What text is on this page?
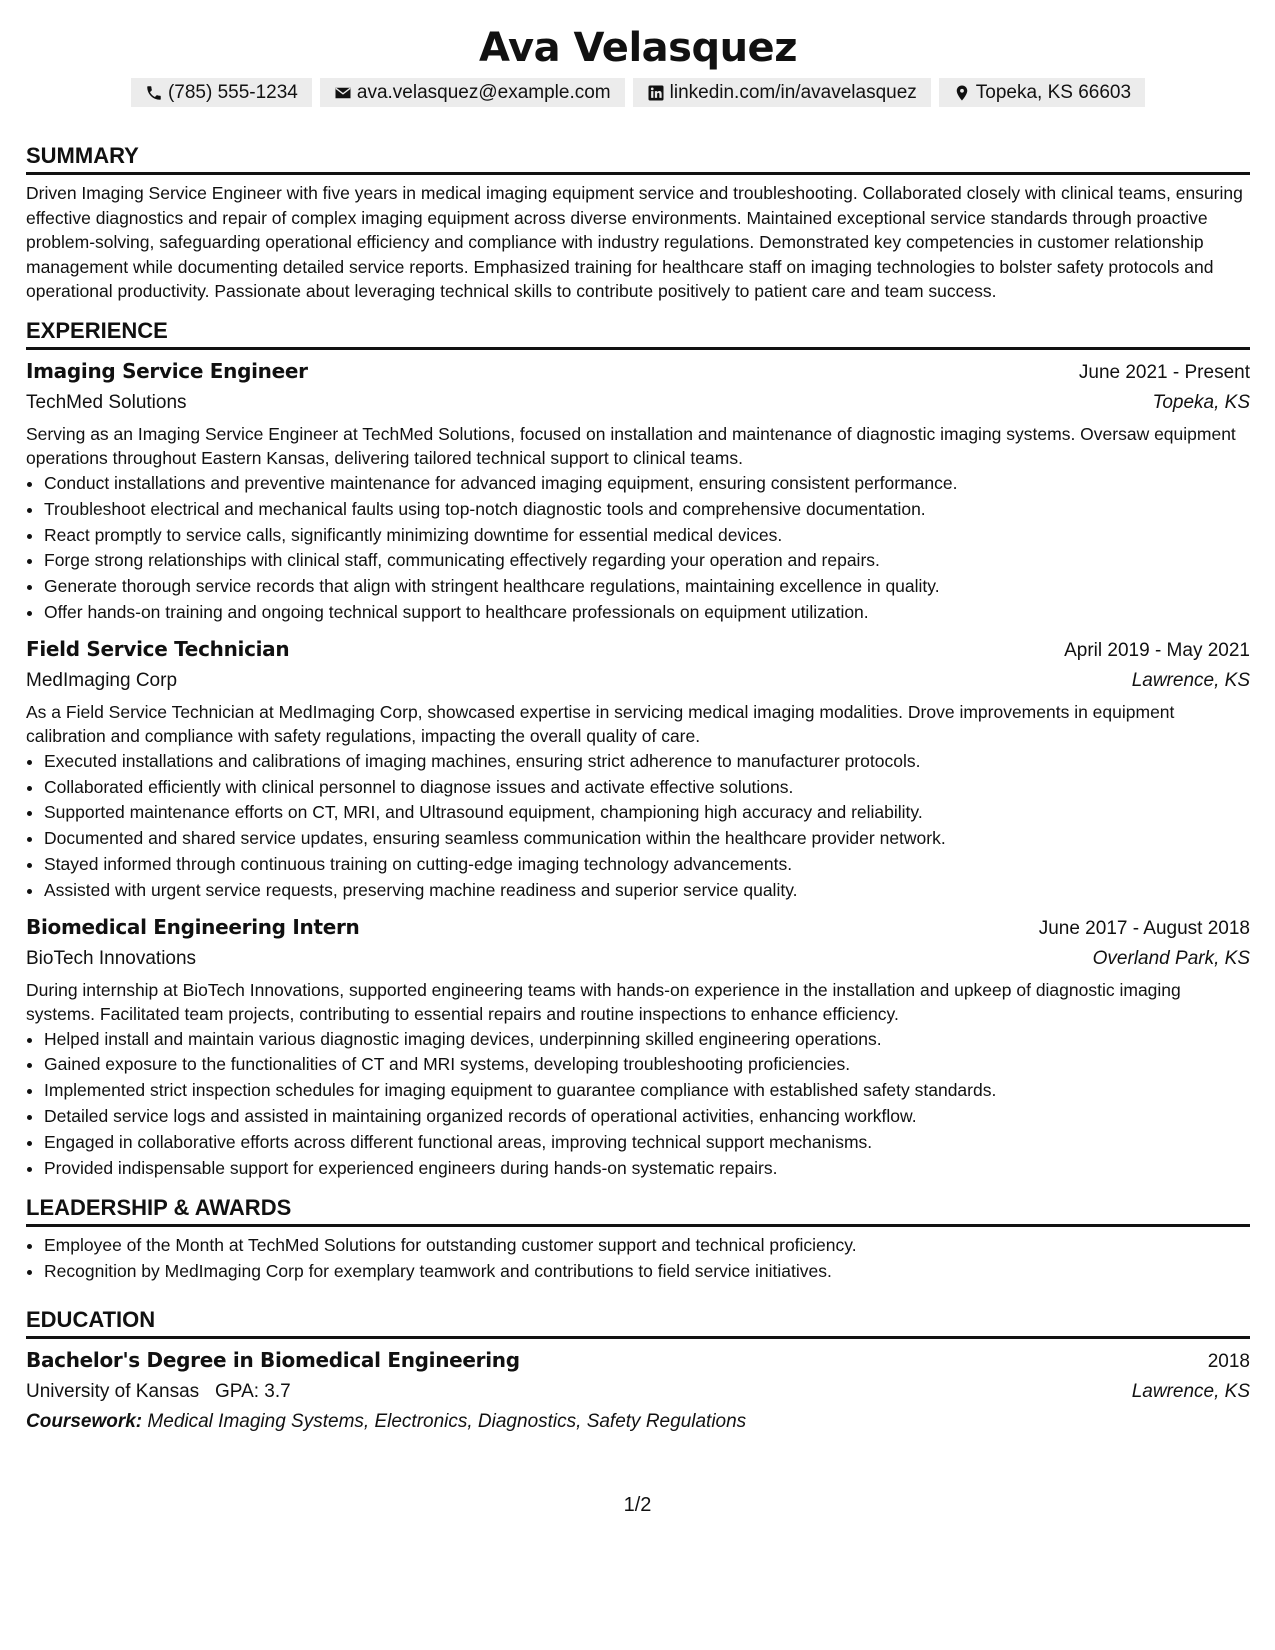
Ava Velasquez
(785) 555-1234	ava.velasquez@example.com	linkedin.com/in/avavelasquez	Topeka, KS 66603
SUMMARY
Driven Imaging Service Engineer with five years in medical imaging equipment service and troubleshooting. Collaborated closely with clinical teams, ensuring effective diagnostics and repair of complex imaging equipment across diverse environments. Maintained exceptional service standards through proactive problem-solving, safeguarding operational efficiency and compliance with industry regulations. Demonstrated key competencies in customer relationship management while documenting detailed service reports. Emphasized training for healthcare staff on imaging technologies to bolster safety protocols and operational productivity. Passionate about leveraging technical skills to contribute positively to patient care and team success.
EXPERIENCE
Imaging Service Engineer	June 2021 - Present
TechMed Solutions	Topeka, KS
Serving as an Imaging Service Engineer at TechMed Solutions, focused on installation and maintenance of diagnostic imaging systems. Oversaw equipment operations throughout Eastern Kansas, delivering tailored technical support to clinical teams.
• Conduct installations and preventive maintenance for advanced imaging equipment, ensuring consistent performance.
• Troubleshoot electrical and mechanical faults using top-notch diagnostic tools and comprehensive documentation.
• React promptly to service calls, significantly minimizing downtime for essential medical devices.
• Forge strong relationships with clinical staff, communicating effectively regarding your operation and repairs.
• Generate thorough service records that align with stringent healthcare regulations, maintaining excellence in quality.
• Offer hands-on training and ongoing technical support to healthcare professionals on equipment utilization.
Field Service Technician	April 2019 - May 2021
MedImaging Corp	Lawrence, KS
As a Field Service Technician at MedImaging Corp, showcased expertise in servicing medical imaging modalities. Drove improvements in equipment calibration and compliance with safety regulations, impacting the overall quality of care.
• Executed installations and calibrations of imaging machines, ensuring strict adherence to manufacturer protocols.
• Collaborated efficiently with clinical personnel to diagnose issues and activate effective solutions.
• Supported maintenance efforts on CT, MRI, and Ultrasound equipment, championing high accuracy and reliability.
• Documented and shared service updates, ensuring seamless communication within the healthcare provider network.
• Stayed informed through continuous training on cutting-edge imaging technology advancements.
• Assisted with urgent service requests, preserving machine readiness and superior service quality.
Biomedical Engineering Intern	June 2017 - August 2018
BioTech Innovations	Overland Park, KS
During internship at BioTech Innovations, supported engineering teams with hands-on experience in the installation and upkeep of diagnostic imaging systems. Facilitated team projects, contributing to essential repairs and routine inspections to enhance efficiency.
• Helped install and maintain various diagnostic imaging devices, underpinning skilled engineering operations.
• Gained exposure to the functionalities of CT and MRI systems, developing troubleshooting proficiencies.
• Implemented strict inspection schedules for imaging equipment to guarantee compliance with established safety standards.
• Detailed service logs and assisted in maintaining organized records of operational activities, enhancing workflow.
• Engaged in collaborative efforts across different functional areas, improving technical support mechanisms.
• Provided indispensable support for experienced engineers during hands-on systematic repairs.
LEADERSHIP & AWARDS
• Employee of the Month at TechMed Solutions for outstanding customer support and technical proficiency.
• Recognition by MedImaging Corp for exemplary teamwork and contributions to field service initiatives.
EDUCATION
Bachelor's Degree in Biomedical Engineering	2018
University of Kansas GPA: 3.7	Lawrence, KS
Coursework: Medical Imaging Systems, Electronics, Diagnostics, Safety Regulations
1/2
